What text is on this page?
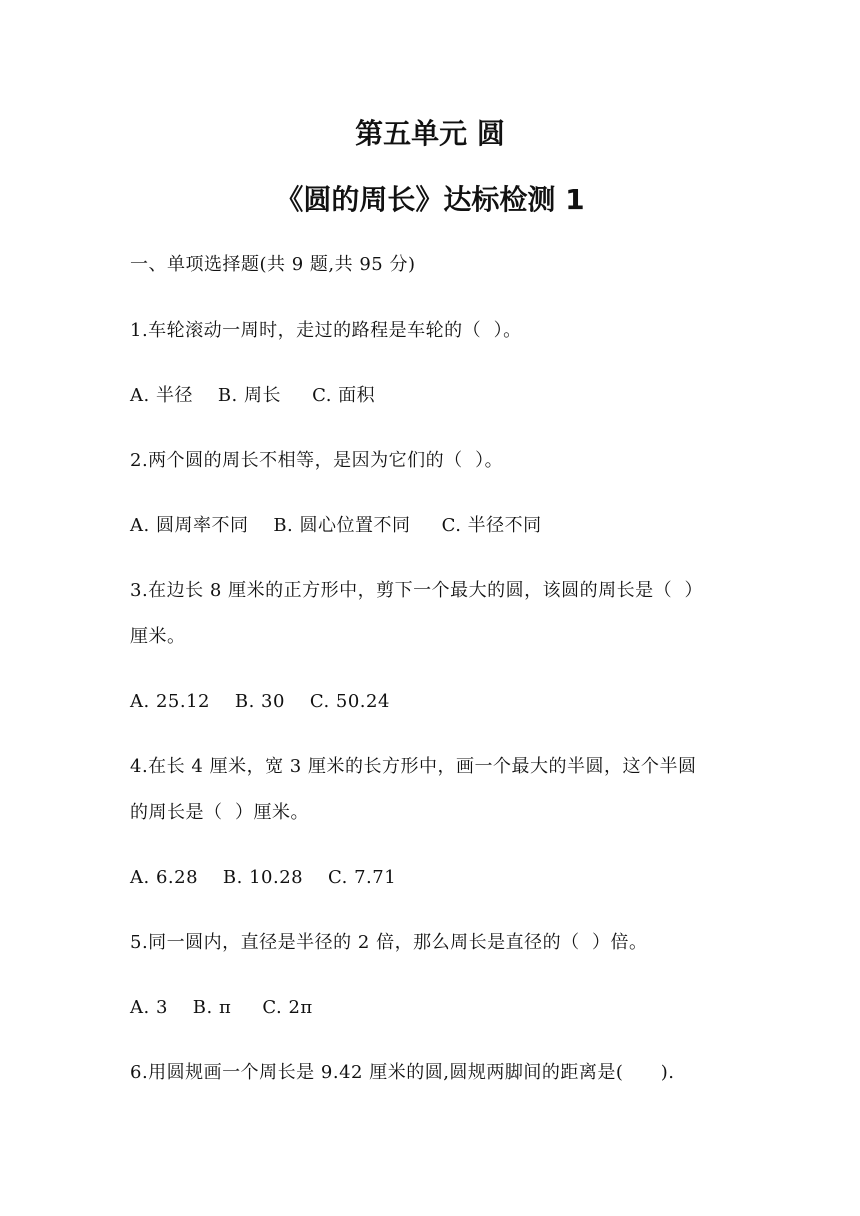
第五单元 圆
《圆的周长》达标检测 1
一、单项选择题(共 9 题,共 95 分)
1.车轮滚动一周时，走过的路程是车轮的（  ）。
A. 半径    B. 周长     C. 面积
2.两个圆的周长不相等，是因为它们的（  ）。
A. 圆周率不同    B. 圆心位置不同     C. 半径不同
3.在边长 8 厘米的正方形中，剪下一个最大的圆，该圆的周长是（  ）
厘米。
A. 25.12    B. 30    C. 50.24
4.在长 4 厘米，宽 3 厘米的长方形中，画一个最大的半圆，这个半圆
的周长是（  ）厘米。
A. 6.28    B. 10.28    C. 7.71
5.同一圆内，直径是半径的 2 倍，那么周长是直径的（  ）倍。
A. 3    B. π     C. 2π
6.用圆规画一个周长是 9.42 厘米的圆,圆规两脚间的距离是(      ).
